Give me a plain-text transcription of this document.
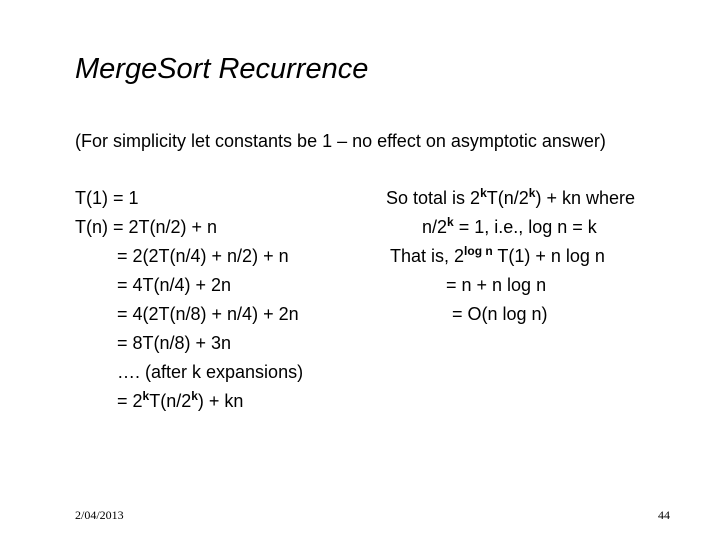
MergeSort Recurrence
(For simplicity let constants be 1 – no effect on asymptotic answer)
T(1) = 1
T(n) = 2T(n/2) + n
= 2(2T(n/4) + n/2) + n
= 4T(n/4) + 2n
= 4(2T(n/8) + n/4) + 2n
= 8T(n/8) + 3n
…. (after k expansions)
= $2^kT(n/2^k)$ + kn
So total is $2^kT(n/2^k)$ + kn where
$n/2^k = 1$, i.e., log n = k
That is, $2^{log n}$ T(1) + n log n
= n + n log n
= O(n log n)
2/04/2013	44
